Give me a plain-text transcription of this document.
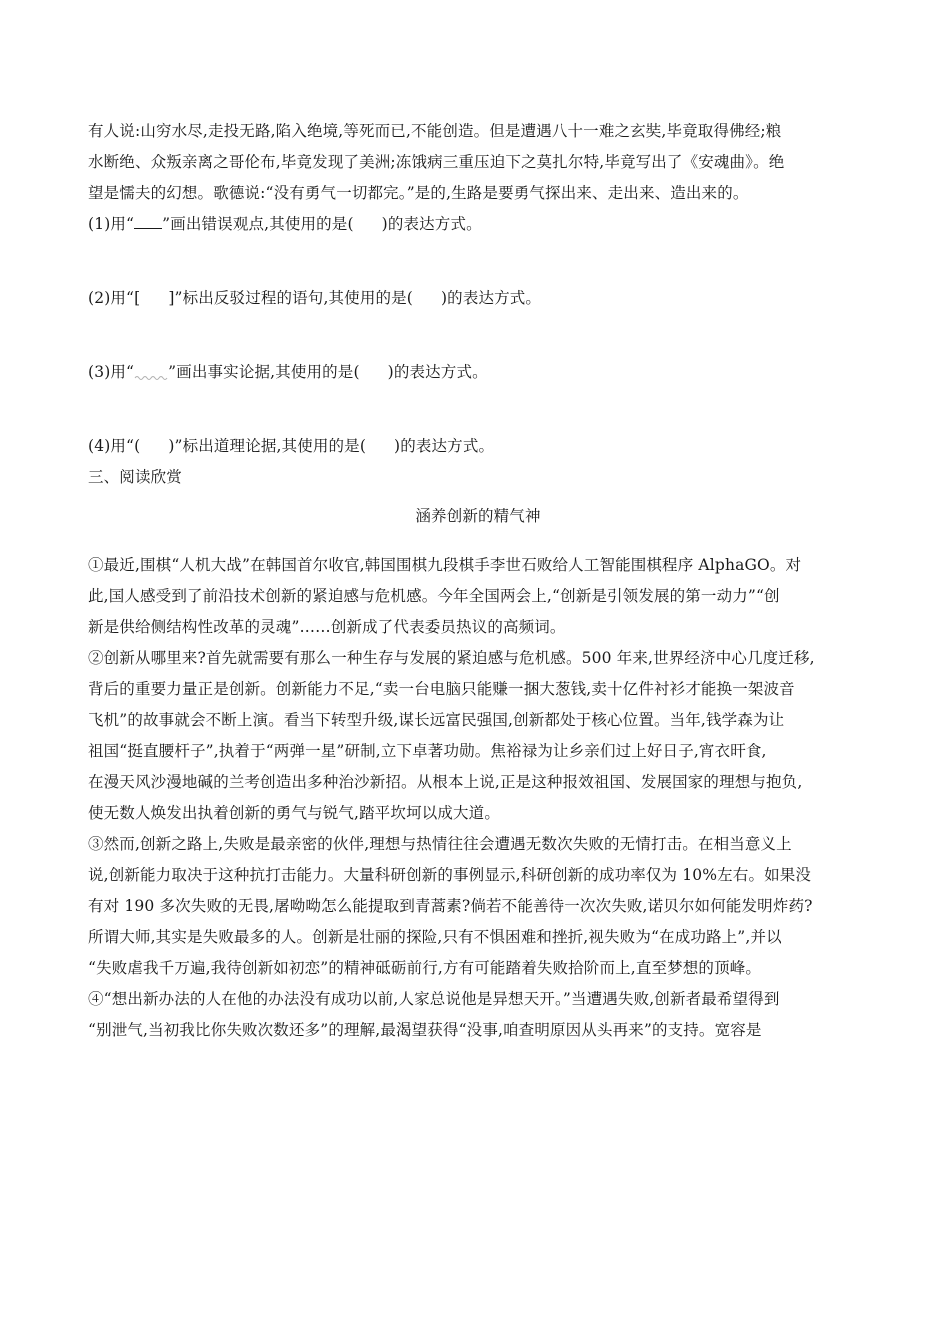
有人说:山穷水尽,走投无路,陷入绝境,等死而已,不能创造。但是遭遇八十一难之玄奘,毕竟取得佛经;粮
水断绝、众叛亲离之哥伦布,毕竟发现了美洲;冻饿病三重压迫下之莫扎尔特,毕竟写出了《安魂曲》。绝
望是懦夫的幻想。歌德说:“没有勇气一切都完。”是的,生路是要勇气探出来、走出来、造出来的。
(1)用“ ”画出错误观点,其使用的是( )的表达方式。
(2)用“[ ]”标出反驳过程的语句,其使用的是( )的表达方式。
(3)用“ ”画出事实论据,其使用的是( )的表达方式。
(4)用“( )”标出道理论据,其使用的是( )的表达方式。
三、阅读欣赏
涵养创新的精气神
①最近,围棋“人机大战”在韩国首尔收官,韩国围棋九段棋手李世石败给人工智能围棋程序 AlphaGO。对
此,国人感受到了前沿技术创新的紧迫感与危机感。今年全国两会上,“创新是引领发展的第一动力”“创
新是供给侧结构性改革的灵魂”……创新成了代表委员热议的高频词。
②创新从哪里来?首先就需要有那么一种生存与发展的紧迫感与危机感。500 年来,世界经济中心几度迁移,
背后的重要力量正是创新。创新能力不足,“卖一台电脑只能赚一捆大葱钱,卖十亿件衬衫才能换一架波音
飞机”的故事就会不断上演。看当下转型升级,谋长远富民强国,创新都处于核心位置。当年,钱学森为让
祖国“挺直腰杆子”,执着于“两弹一星”研制,立下卓著功勋。焦裕禄为让乡亲们过上好日子,宵衣旰食,
在漫天风沙漫地碱的兰考创造出多种治沙新招。从根本上说,正是这种报效祖国、发展国家的理想与抱负,
使无数人焕发出执着创新的勇气与锐气,踏平坎坷以成大道。
③然而,创新之路上,失败是最亲密的伙伴,理想与热情往往会遭遇无数次失败的无情打击。在相当意义上
说,创新能力取决于这种抗打击能力。大量科研创新的事例显示,科研创新的成功率仅为 10%左右。如果没
有对 190 多次失败的无畏,屠呦呦怎么能提取到青蒿素?倘若不能善待一次次失败,诺贝尔如何能发明炸药?
所谓大师,其实是失败最多的人。创新是壮丽的探险,只有不惧困难和挫折,视失败为“在成功路上”,并以
“失败虐我千万遍,我待创新如初恋”的精神砥砺前行,方有可能踏着失败拾阶而上,直至梦想的顶峰。
④“想出新办法的人在他的办法没有成功以前,人家总说他是异想天开。”当遭遇失败,创新者最希望得到
“别泄气,当初我比你失败次数还多”的理解,最渴望获得“没事,咱查明原因从头再来”的支持。宽容是
